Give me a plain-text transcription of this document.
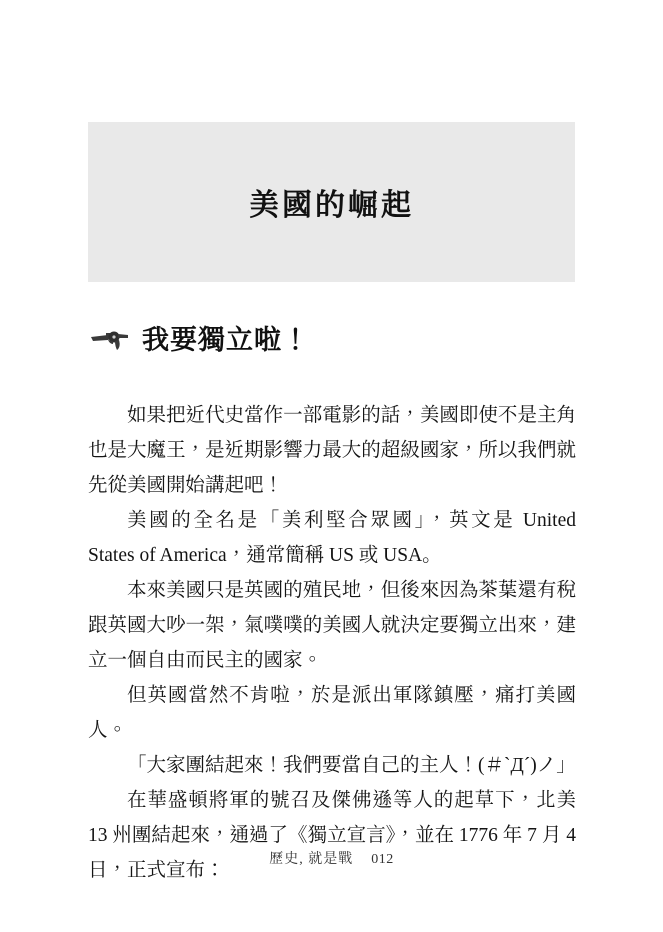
美國的崛起
我要獨立啦！

如果把近代史當作一部電影的話，美國即使不是主角也是大魔王，是近期影響力最大的超級國家，所以我們就先從美國開始講起吧！

美國的全名是「美利堅合眾國」，英文是 United States of America，通常簡稱 US 或 USA。

本來美國只是英國的殖民地，但後來因為茶葉還有稅跟英國大吵一架，氣噗噗的美國人就決定要獨立出來，建立一個自由而民主的國家。

但英國當然不肯啦，於是派出軍隊鎮壓，痛打美國人。

「大家團結起來！我們要當自己的主人！(＃ˋДˊ)ノ」

在華盛頓將軍的號召及傑佛遜等人的起草下，北美 13 州團結起來，通過了《獨立宣言》，並在 1776 年 7 月 4 日，正式宣布：

歷史, 就是戰 012
